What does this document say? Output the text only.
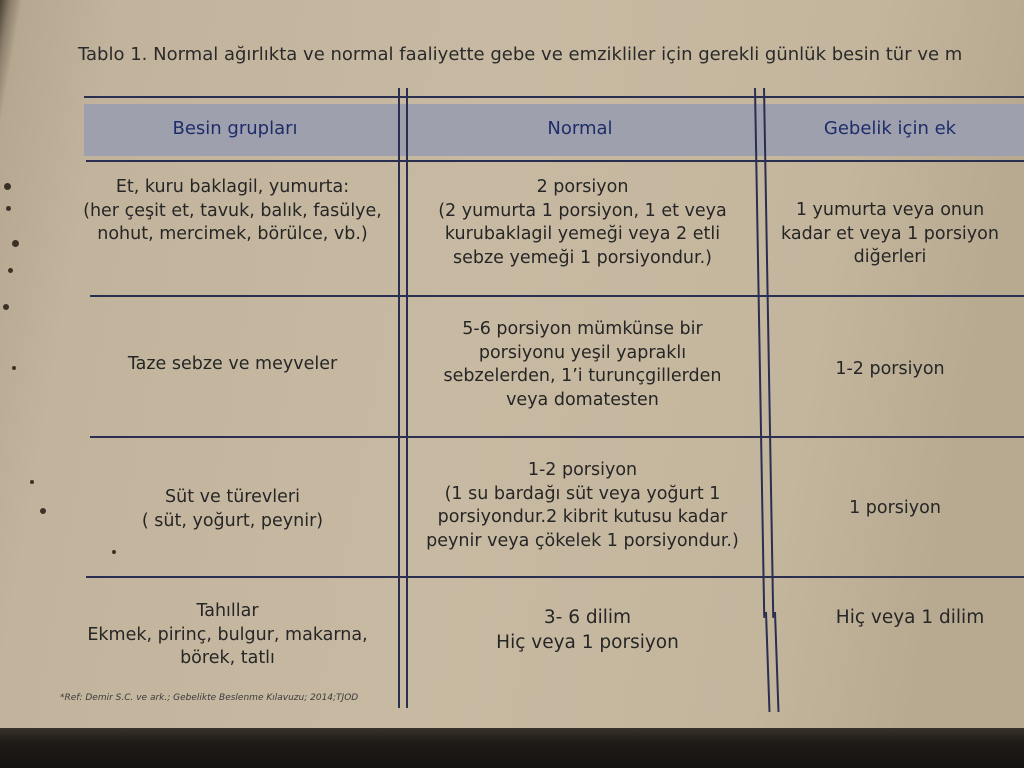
Tablo 1. Normal ağırlıkta ve normal faaliyette gebe ve emzikliler için gerekli günlük besin tür ve m
Besin grupları	Normal	Gebelik için ek
Et, kuru baklagil, yumurta:
(her çeşit et, tavuk, balık, fasülye,
nohut, mercimek, börülce, vb.)
2 porsiyon
(2 yumurta 1 porsiyon, 1 et veya
kurubaklagil yemeği veya 2 etli
sebze yemeği 1 porsiyondur.)
1 yumurta veya onun
kadar et veya 1 porsiyon
diğerleri
Taze sebze ve meyveler
5-6 porsiyon mümkünse bir
porsiyonu yeşil yapraklı
sebzelerden, 1’i turunçgillerden
veya domatesten
1-2 porsiyon
Süt ve türevleri
( süt, yoğurt, peynir)
1-2 porsiyon
(1 su bardağı süt veya yoğurt 1
porsiyondur.2 kibrit kutusu kadar
peynir veya çökelek 1 porsiyondur.)
1 porsiyon
Tahıllar
Ekmek, pirinç, bulgur, makarna,
börek, tatlı
3- 6 dilim
Hiç veya 1 porsiyon
Hiç veya 1 dilim
*Ref: Demir S.C. ve ark.; Gebelikte Beslenme Kılavuzu; 2014;TJOD
